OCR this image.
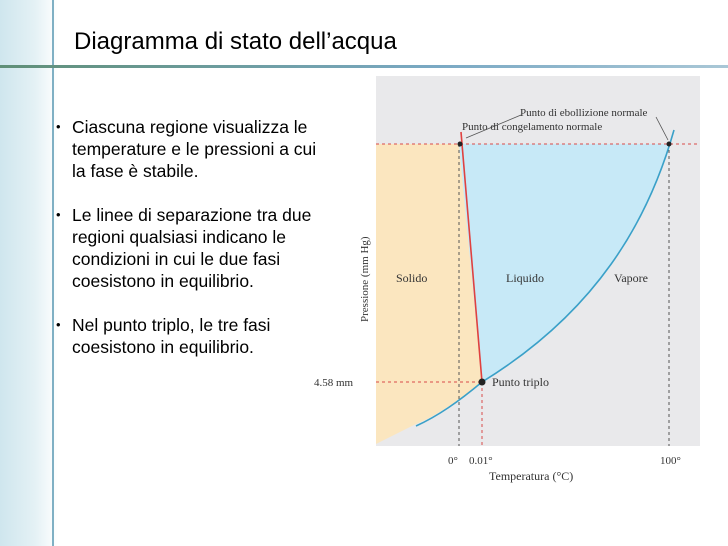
Diagramma di stato dell’acqua
• Ciascuna regione visualizza le temperature e le pressioni a cui la fase è stabile.
• Le linee di separazione tra due regioni qualsiasi indicano le condizioni in cui le due fasi coesistono in equilibrio.
• Nel punto triplo, le tre fasi coesistono in equilibrio.
Punto di ebollizione normale
Punto di congelamento normale
Pressione (mm Hg) Solido	Liquido	Vapore
Punto triplo
4.58 mm
0° 0.01°	100°
Temperatura (°C)
